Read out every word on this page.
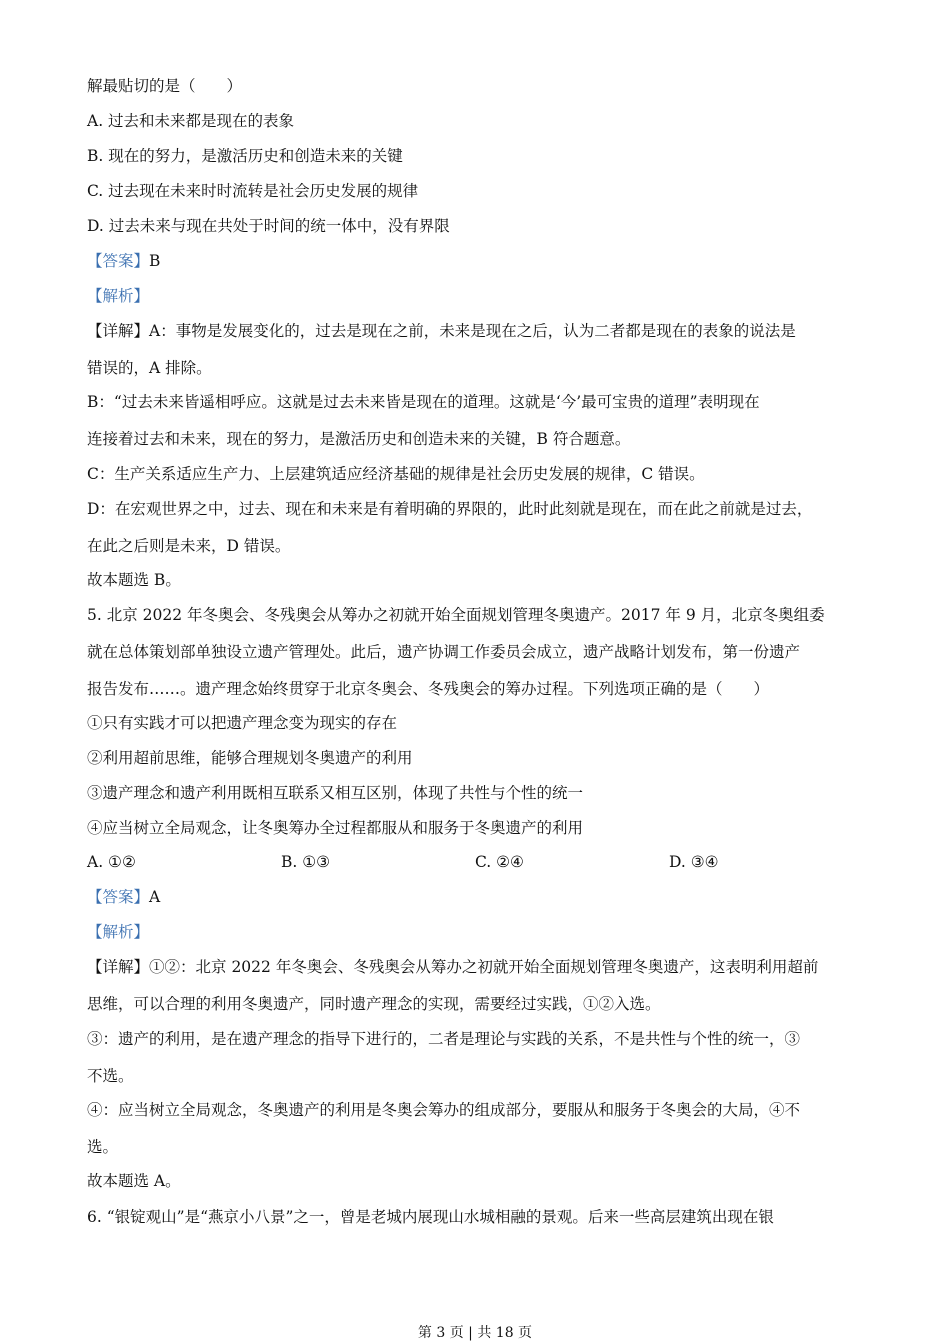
解最贴切的是（　　）
A. 过去和未来都是现在的表象
B. 现在的努力，是激活历史和创造未来的关键
C. 过去现在未来时时流转是社会历史发展的规律
D. 过去未来与现在共处于时间的统一体中，没有界限
【答案】B
【解析】
【详解】A：事物是发展变化的，过去是现在之前，未来是现在之后，认为二者都是现在的表象的说法是
错误的，A 排除。
B：“过去未来皆遥相呼应。这就是过去未来皆是现在的道理。这就是‘今’最可宝贵的道理”表明现在
连接着过去和未来，现在的努力，是激活历史和创造未来的关键，B 符合题意。
C：生产关系适应生产力、上层建筑适应经济基础的规律是社会历史发展的规律，C 错误。
D：在宏观世界之中，过去、现在和未来是有着明确的界限的，此时此刻就是现在，而在此之前就是过去，
在此之后则是未来，D 错误。
故本题选 B。
5. 北京 2022 年冬奥会、冬残奥会从筹办之初就开始全面规划管理冬奥遗产。2017 年 9 月，北京冬奥组委
就在总体策划部单独设立遗产管理处。此后，遗产协调工作委员会成立，遗产战略计划发布，第一份遗产
报告发布……。遗产理念始终贯穿于北京冬奥会、冬残奥会的筹办过程。下列选项正确的是（　　）
①只有实践才可以把遗产理念变为现实的存在
②利用超前思维，能够合理规划冬奥遗产的利用
③遗产理念和遗产利用既相互联系又相互区别，体现了共性与个性的统一
④应当树立全局观念，让冬奥筹办全过程都服从和服务于冬奥遗产的利用
A. ①②	B. ①③	C. ②④	D. ③④
【答案】A
【解析】
【详解】①②：北京 2022 年冬奥会、冬残奥会从筹办之初就开始全面规划管理冬奥遗产，这表明利用超前
思维，可以合理的利用冬奥遗产，同时遗产理念的实现，需要经过实践，①②入选。
③：遗产的利用，是在遗产理念的指导下进行的，二者是理论与实践的关系，不是共性与个性的统一，③
不选。
④：应当树立全局观念，冬奥遗产的利用是冬奥会筹办的组成部分，要服从和服务于冬奥会的大局，④不
选。
故本题选 A。
6. “银锭观山”是“燕京小八景”之一，曾是老城内展现山水城相融的景观。后来一些高层建筑出现在银
第 3 页 | 共 18 页
